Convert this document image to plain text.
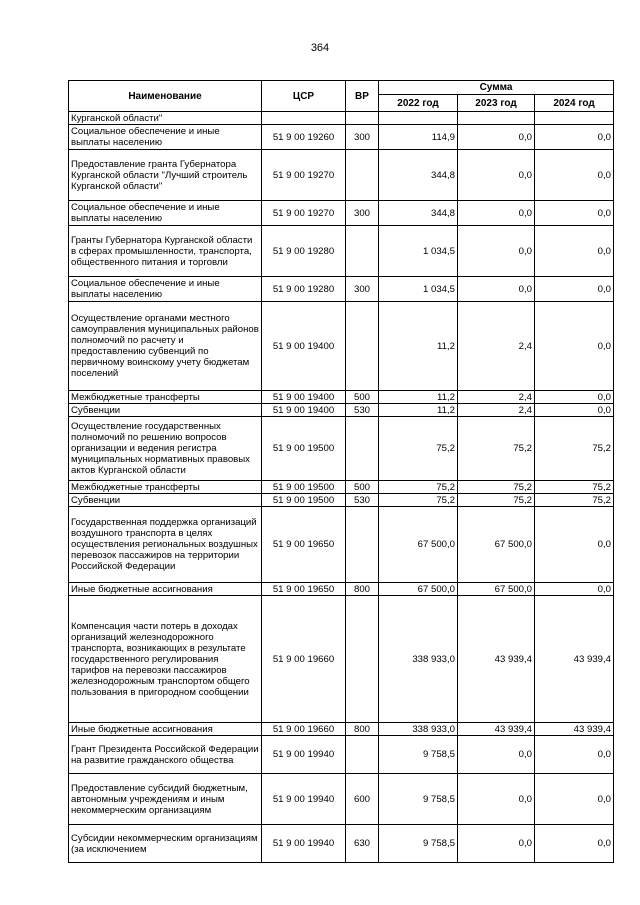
364
Наименование	ЦСР	ВР	Сумма		
			2022 год	2023 год	2024 год
Курганской области"					
Социальное обеспечение и иные выплаты населению	51 9 00 19260	300	114,9	0,0	0,0
Предоставление гранта Губернатора Курганской области "Лучший строитель Курганской области"	51 9 00 19270		344,8	0,0	0,0
Социальное обеспечение и иные выплаты населению	51 9 00 19270	300	344,8	0,0	0,0
Гранты Губернатора Курганской области в сферах промышленности, транспорта, общественного питания и торговли	51 9 00 19280		1 034,5	0,0	0,0
Социальное обеспечение и иные выплаты населению	51 9 00 19280	300	1 034,5	0,0	0,0
Осуществление органами местного самоуправления муниципальных районов полномочий по расчету и предоставлению субвенций по первичному воинскому учету бюджетам поселений	51 9 00 19400		11,2	2,4	0,0
Межбюджетные трансферты	51 9 00 19400	500	11,2	2,4	0,0
Субвенции	51 9 00 19400	530	11,2	2,4	0,0
Осуществление государственных полномочий по решению вопросов организации и ведения регистра муниципальных нормативных правовых актов Курганской области	51 9 00 19500		75,2	75,2	75,2
Межбюджетные трансферты	51 9 00 19500	500	75,2	75,2	75,2
Субвенции	51 9 00 19500	530	75,2	75,2	75,2
Государственная поддержка организаций воздушного транспорта в целях осуществления региональных воздушных перевозок пассажиров на территории Российской Федерации	51 9 00 19650		67 500,0	67 500,0	0,0
Иные бюджетные ассигнования	51 9 00 19650	800	67 500,0	67 500,0	0,0
Компенсация части потерь в доходах организаций железнодорожного транспорта, возникающих в результате государственного регулирования тарифов на перевозки пассажиров железнодорожным транспортом общего пользования в пригородном сообщении	51 9 00 19660		338 933,0	43 939,4	43 939,4
Иные бюджетные ассигнования	51 9 00 19660	800	338 933,0	43 939,4	43 939,4
Грант Президента Российской Федерации на развитие гражданского общества	51 9 00 19940		9 758,5	0,0	0,0
Предоставление субсидий бюджетным, автономным учреждениям и иным некоммерческим организациям	51 9 00 19940	600	9 758,5	0,0	0,0
Субсидии некоммерческим организациям (за исключением	51 9 00 19940	630	9 758,5	0,0	0,0
